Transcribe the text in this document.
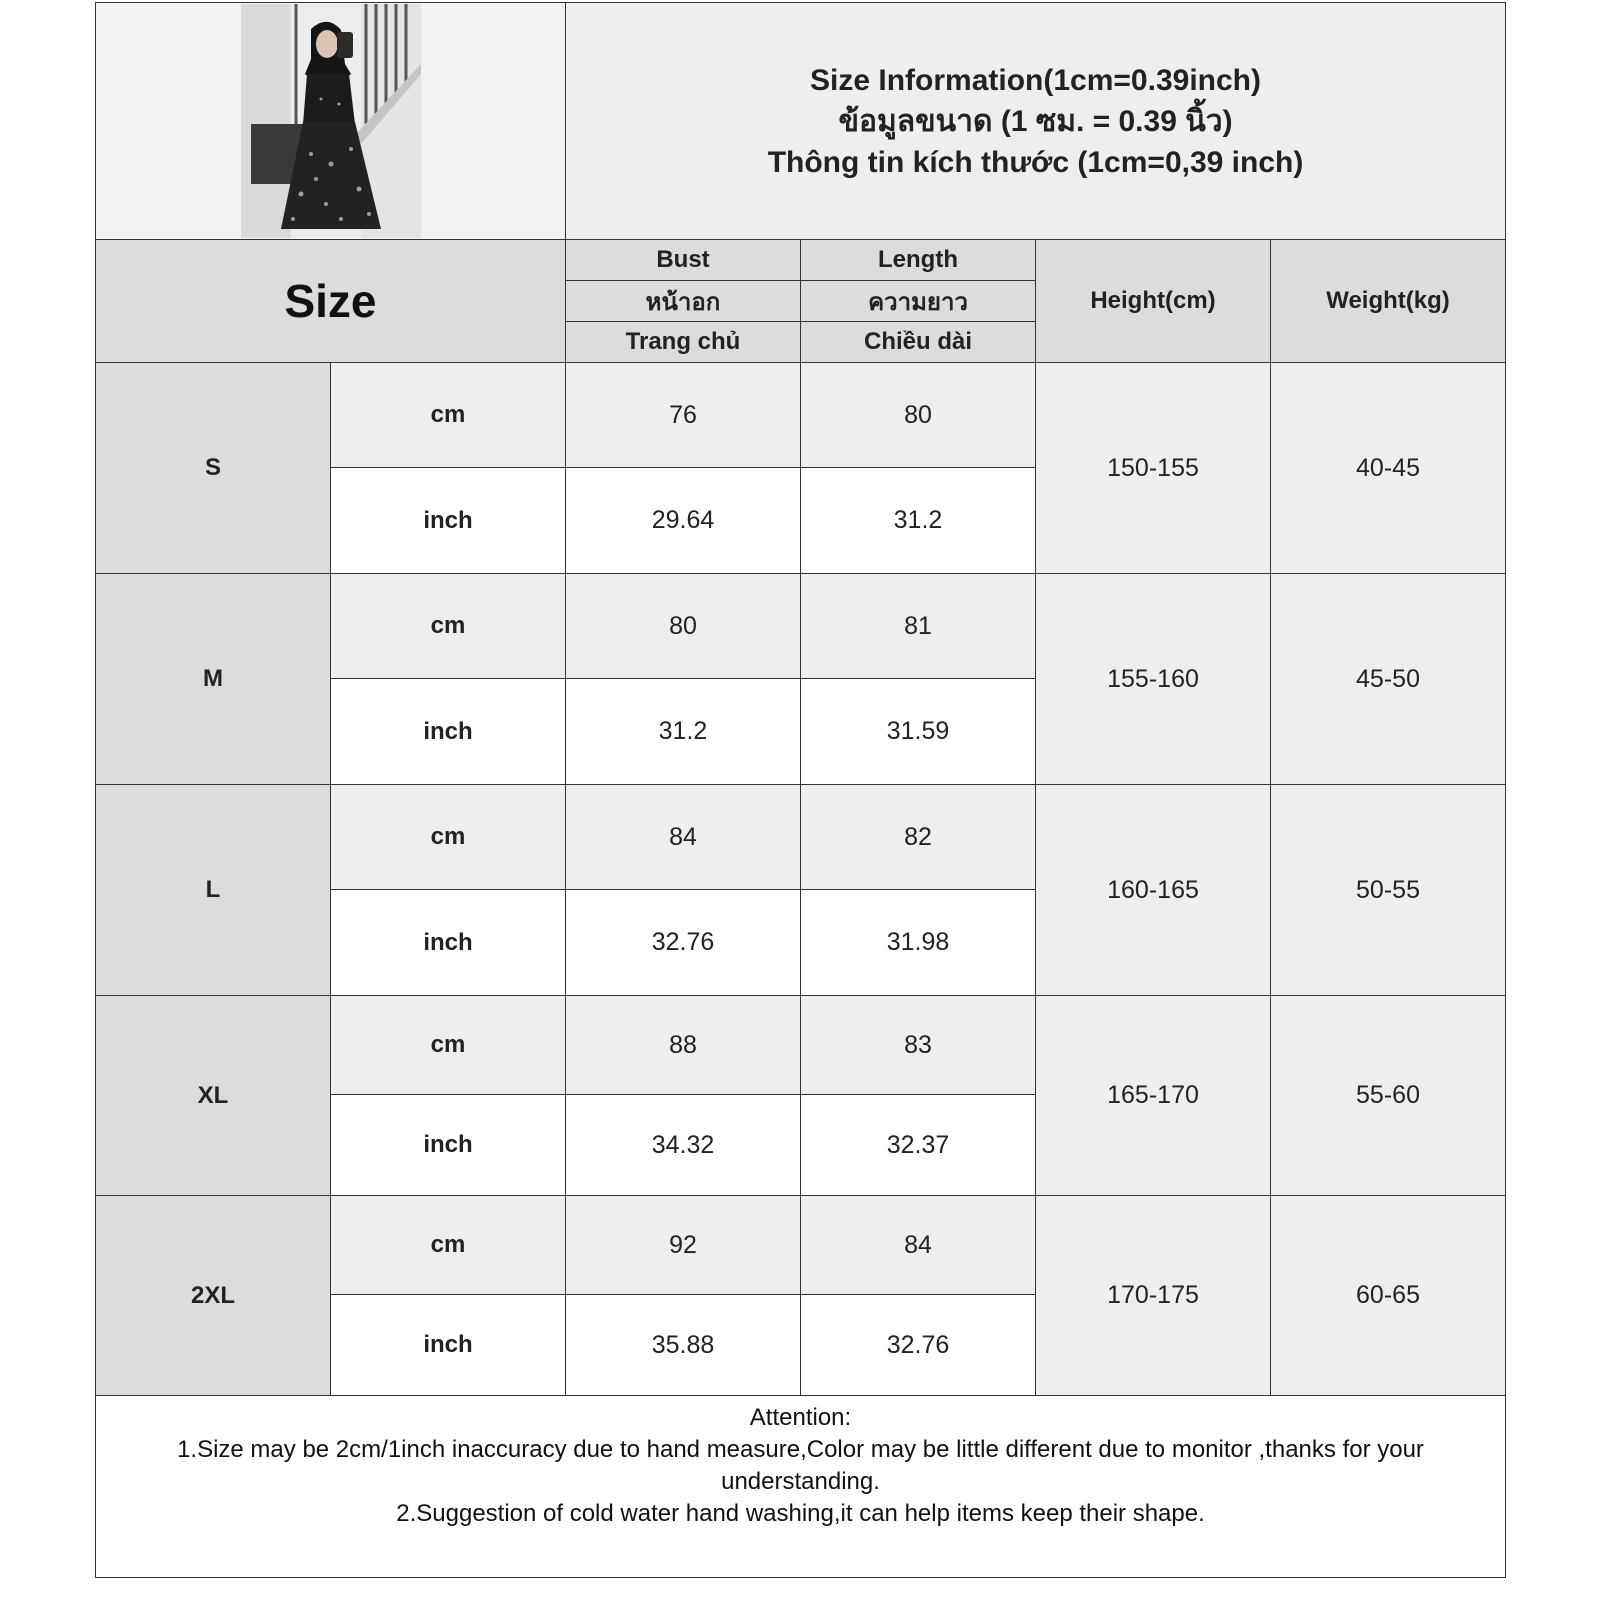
Size Information(1cm=0.39inch)
ข้อมูลขนาด (1 ซม. = 0.39 นิ้ว)
Thông tin kích thước (1cm=0,39 inch)			

Size		Bust	Length	Height(cm)	Weight(kg)
		หน้าอก	ความยาว		
		Trang chủ	Chiều dài		
S	cm	76	80	150-155	40-45
	inch	29.64	31.2		
M	cm	80	81	155-160	45-50
	inch	31.2	31.59		
L	cm	84	82	160-165	50-55
	inch	32.76	31.98		
XL	cm	88	83	165-170	55-60
	inch	34.32	32.37		
2XL	cm	92	84	170-175	60-65
	inch	35.88	32.76		

Attention:
1.Size may be 2cm/1inch inaccuracy due to hand measure,Color may be little different due to monitor ,thanks for your understanding.
2.Suggestion of cold water hand washing,it can help items keep their shape.					
